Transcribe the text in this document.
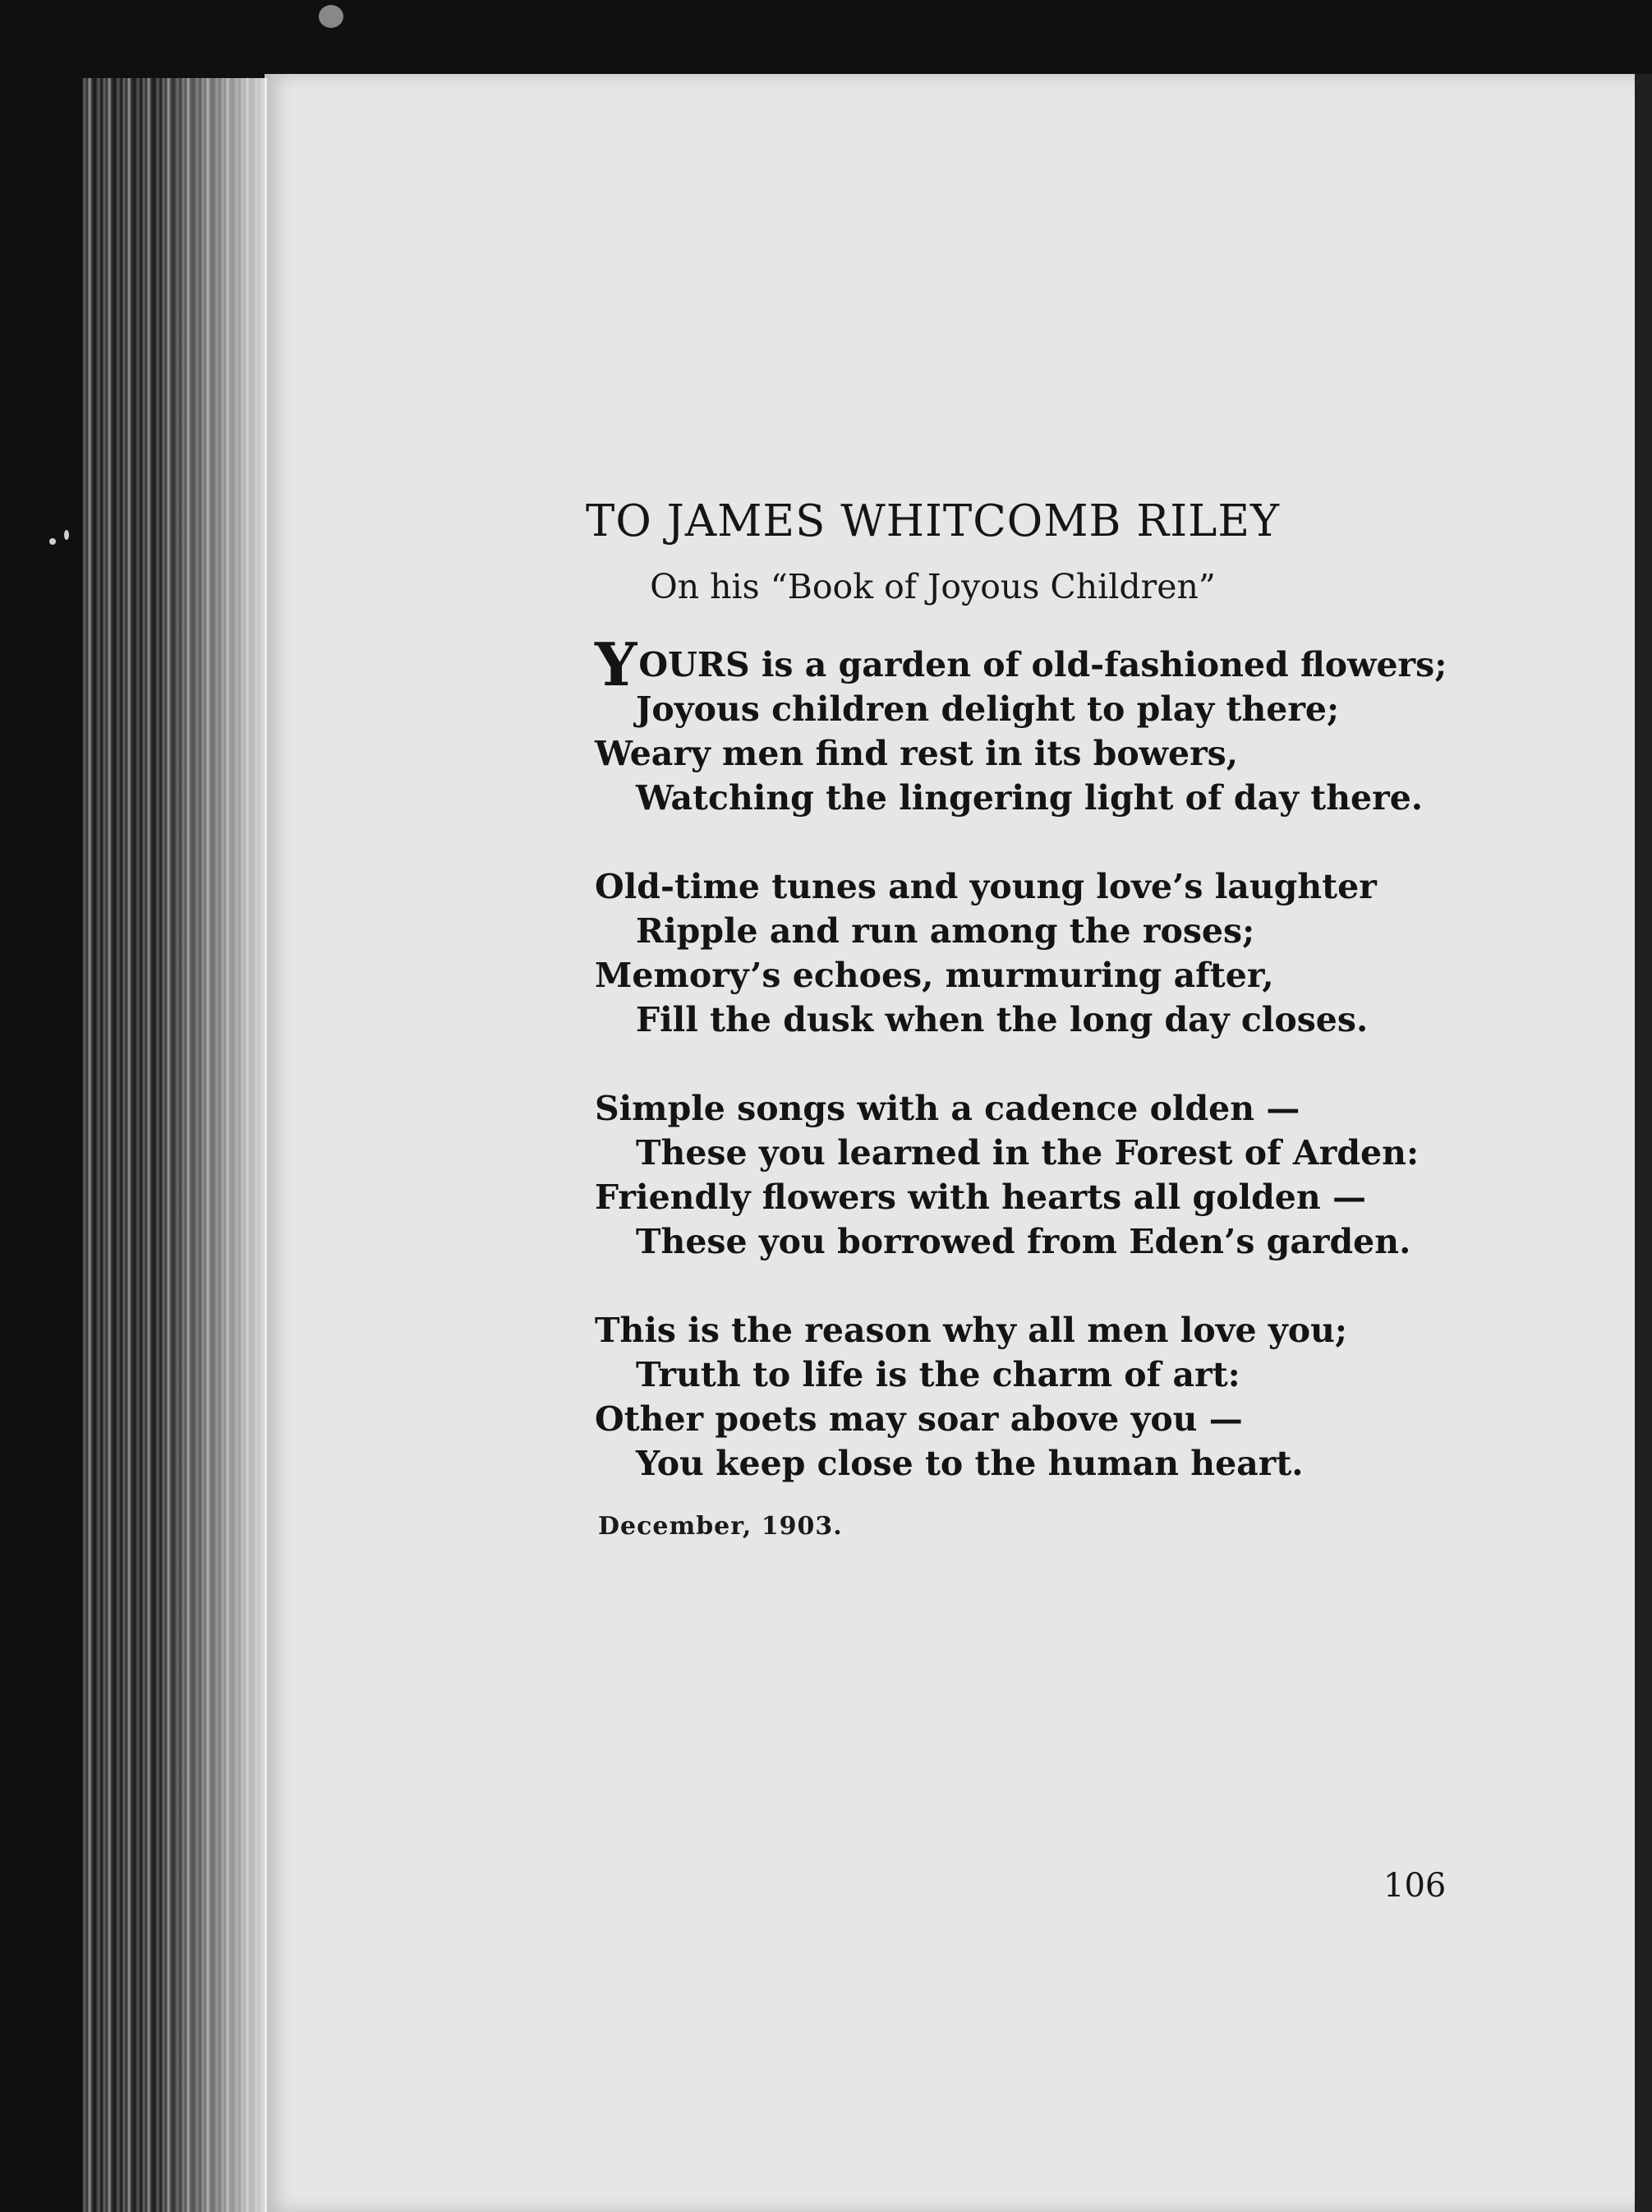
TO JAMES WHITCOMB RILEY
On his “Book of Joyous Children”
YOURS is a garden of old-fashioned flowers;
Joyous children delight to play there;
Weary men find rest in its bowers,
Watching the lingering light of day there.
Old-time tunes and young love’s laughter
Ripple and run among the roses;
Memory’s echoes, murmuring after,
Fill the dusk when the long day closes.
Simple songs with a cadence olden —
These you learned in the Forest of Arden:
Friendly flowers with hearts all golden —
These you borrowed from Eden’s garden.
This is the reason why all men love you;
Truth to life is the charm of art:
Other poets may soar above you —
You keep close to the human heart.
December, 1903.
106
